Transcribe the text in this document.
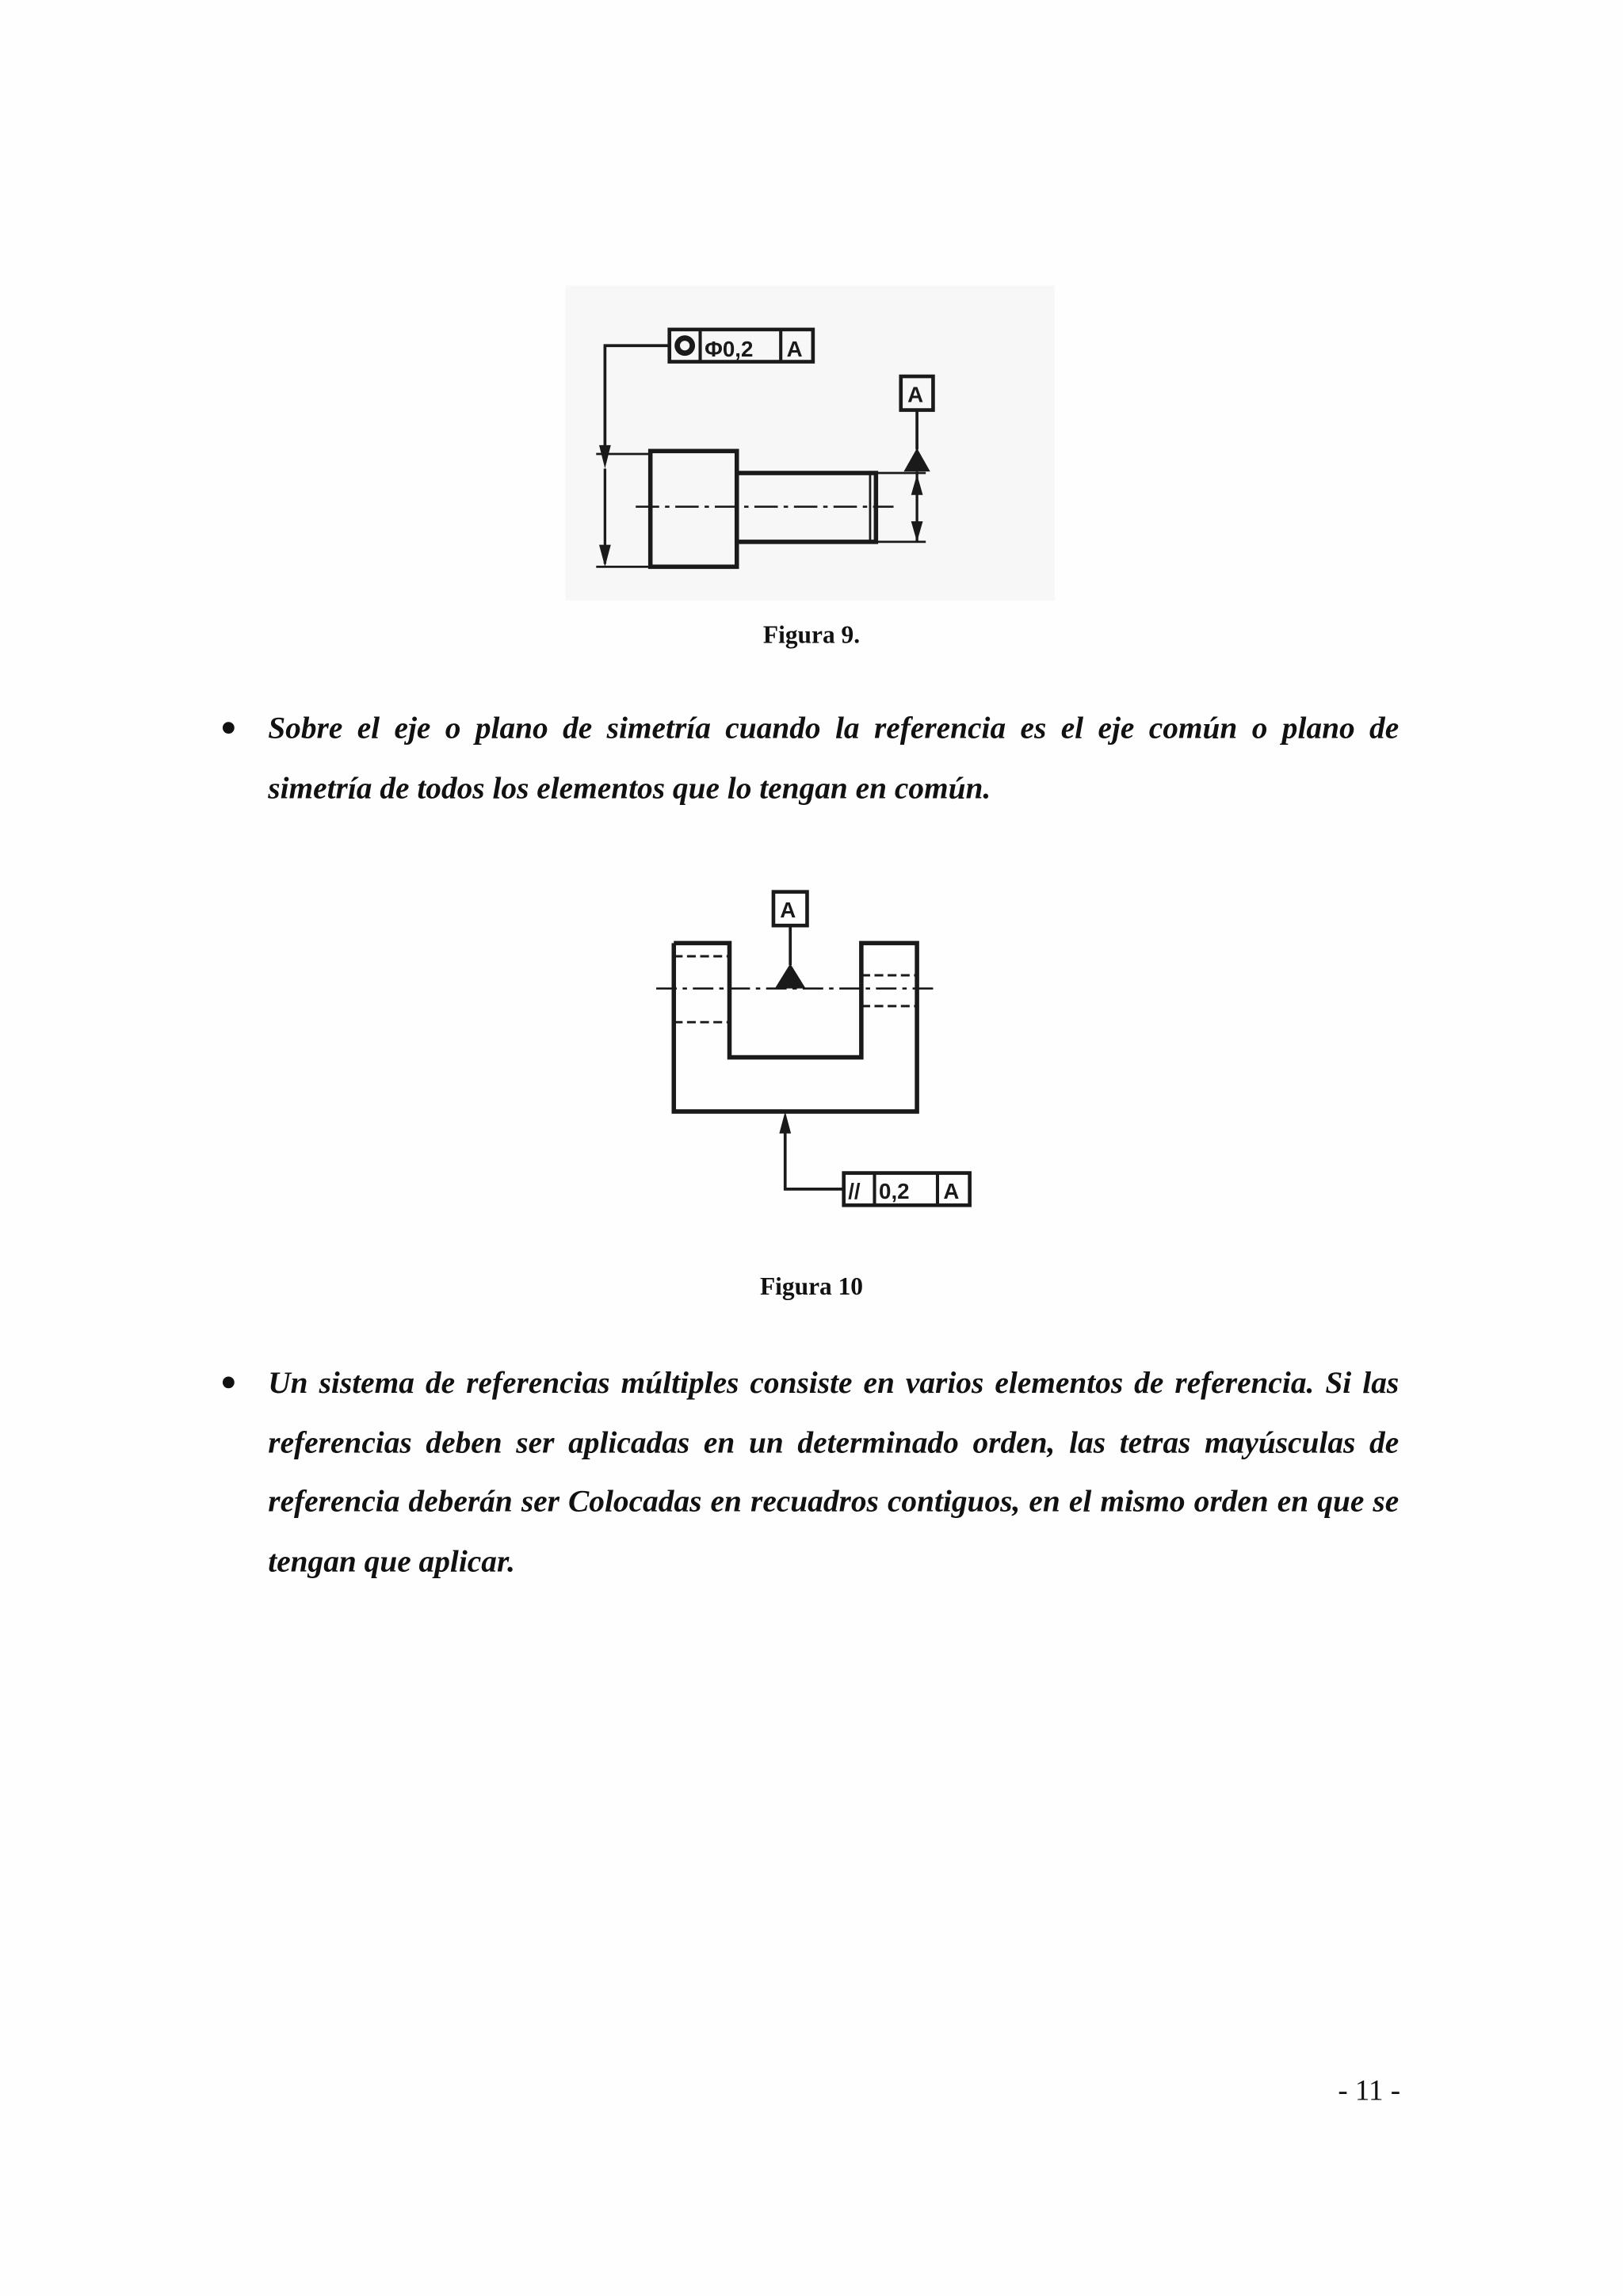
Φ0,2	A
A
Figura 9.
Sobre el eje o plano de simetría cuando la referencia es el eje común o plano de simetría de todos los elementos que lo tengan en común.
A
// 0,2	A
Figura 10
Un sistema de referencias múltiples consiste en varios elementos de referencia. Si las referencias deben ser aplicadas en un determinado orden, las tetras mayúsculas de referencia deberán ser Colocadas en recuadros contiguos, en el mismo orden en que se tengan que aplicar.
- 11 -
